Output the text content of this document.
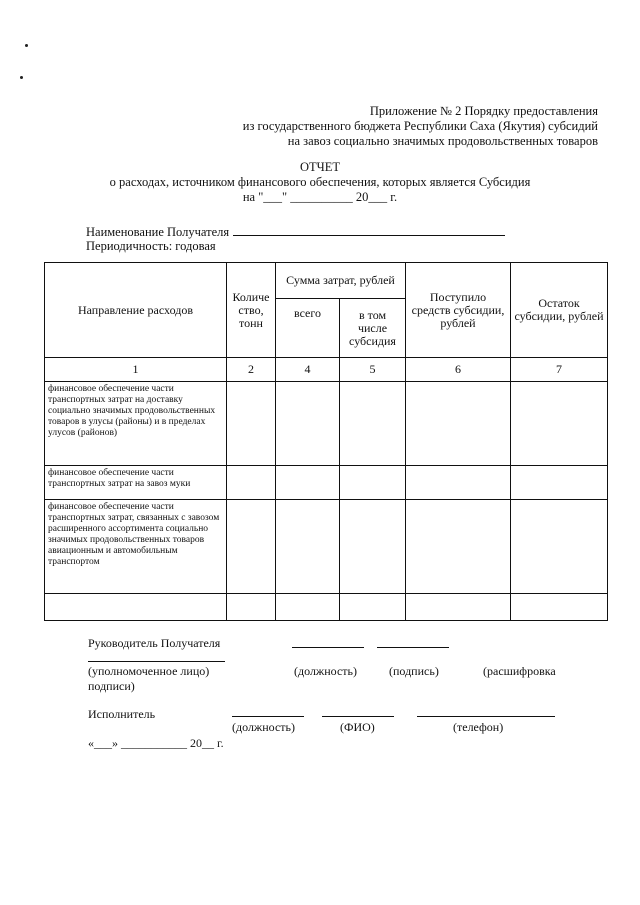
Приложение № 2 Порядку предоставления
из государственного бюджета Республики Саха (Якутия) субсидий
на завоз социально значимых продовольственных товаров
ОТЧЕТ
о расходах, источником финансового обеспечения, которых является Субсидия
на "___" __________ 20___ г.
Наименование Получателя
Периодичность: годовая
Направление расходов	Количе ство, тонн	Сумма затрат, рублей		Поступило средств субсидии, рублей	Остаток субсидии, рублей
		всего	в том числе субсидия		
1	2	4	5	6	7
финансовое обеспечение части транспортных затрат на доставку социально значимых продовольственных товаров в улусы (районы) и в пределах улусов (районов)					
финансовое обеспечение части транспортных затрат на завоз муки					
финансовое обеспечение части транспортных затрат, связанных с завозом расширенного ассортимента социально значимых продовольственных товаров авиационным и автомобильным транспортом					

Руководитель Получателя
(уполномоченное лицо)	(должность)	(подпись)	(расшифровка
подписи)
Исполнитель
(должность)	(ФИО)	(телефон)
«___» ___________ 20__ г.
